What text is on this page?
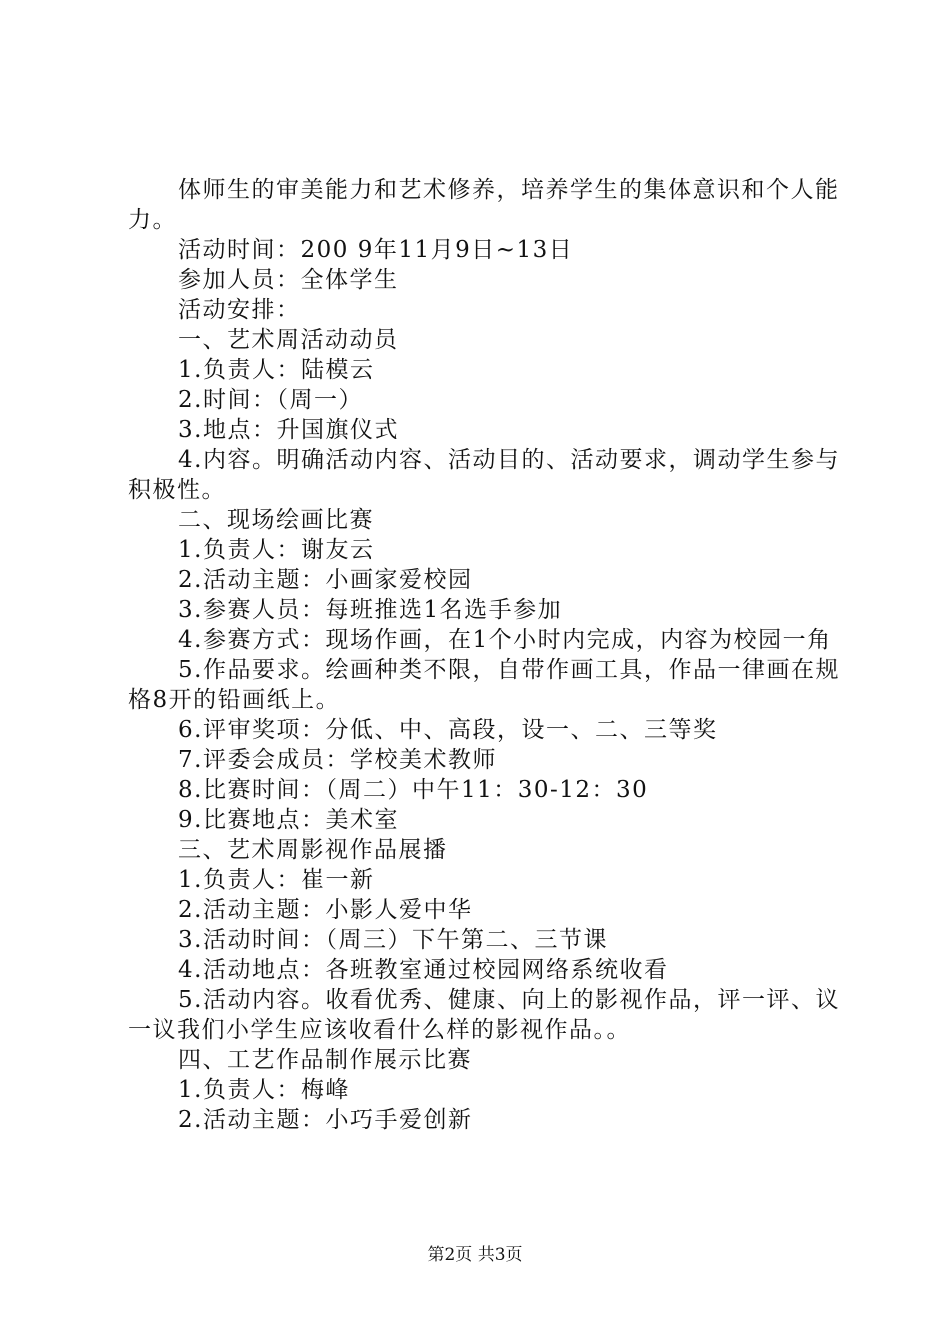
体师生的审美能力和艺术修养，培养学生的集体意识和个人能力。

活动时间：200 9年11月9日~13日

参加人员：全体学生

活动安排：

一、艺术周活动动员

1.负责人：陆模云

2.时间：（周一）

3.地点：升国旗仪式

4.内容。明确活动内容、活动目的、活动要求，调动学生参与积极性。

二、现场绘画比赛

1.负责人：谢友云

2.活动主题：小画家爱校园

3.参赛人员：每班推选1名选手参加

4.参赛方式：现场作画，在1个小时内完成，内容为校园一角

5.作品要求。绘画种类不限，自带作画工具，作品一律画在规格8开的铅画纸上。

6.评审奖项：分低、中、高段，设一、二、三等奖

7.评委会成员：学校美术教师

8.比赛时间：（周二）中午11：30-12：30

9.比赛地点：美术室

三、艺术周影视作品展播

1.负责人：崔一新

2.活动主题：小影人爱中华

3.活动时间：（周三）下午第二、三节课

4.活动地点：各班教室通过校园网络系统收看

5.活动内容。收看优秀、健康、向上的影视作品，评一评、议一议我们小学生应该收看什么样的影视作品。。

四、工艺作品制作展示比赛

1.负责人：梅峰

2.活动主题：小巧手爱创新

第2页 共3页
